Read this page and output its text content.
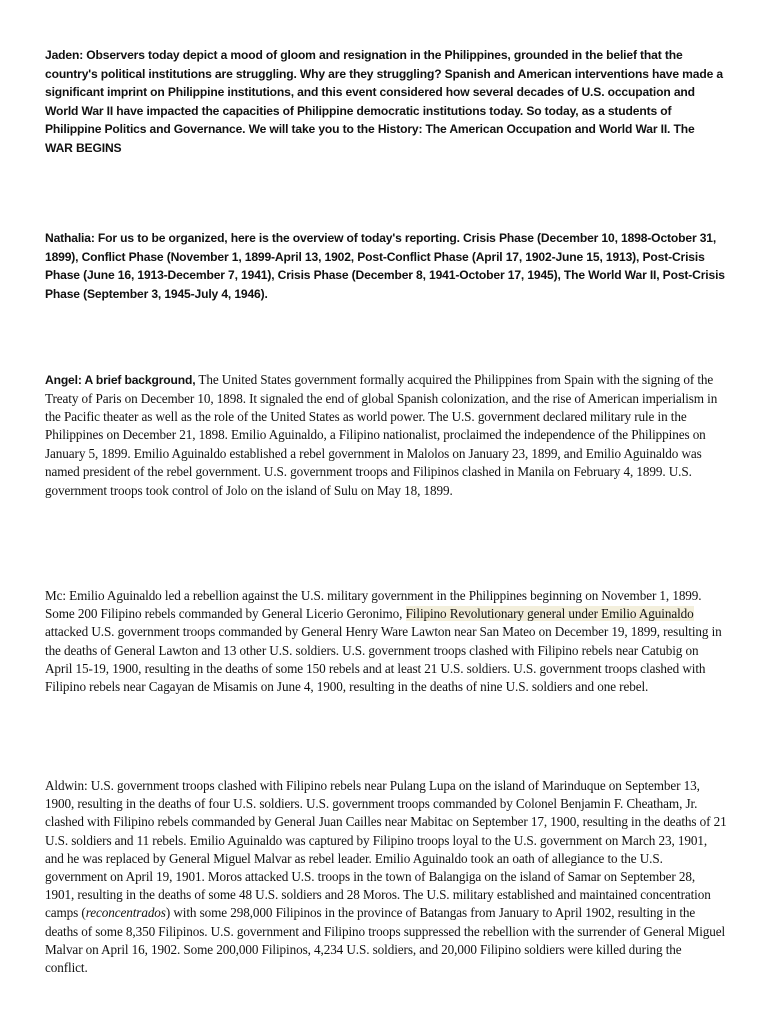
Jaden: Observers today depict a mood of gloom and resignation in the Philippines, grounded in the belief that the country's political institutions are struggling. Why are they struggling? Spanish and American interventions have made a significant imprint on Philippine institutions, and this event considered how several decades of U.S. occupation and World War II have impacted the capacities of Philippine democratic institutions today. So today, as a students of Philippine Politics and Governance. We will take you to the History: The American Occupation and World War II. The WAR BEGINS

Nathalia: For us to be organized, here is the overview of today's reporting. Crisis Phase (December 10, 1898-October 31, 1899), Conflict Phase (November 1, 1899-April 13, 1902, Post-Conflict Phase (April 17, 1902-June 15, 1913), Post-Crisis Phase (June 16, 1913-December 7, 1941), Crisis Phase (December 8, 1941-October 17, 1945), The World War II, Post-Crisis Phase (September 3, 1945-July 4, 1946).

Angel: A brief background, The United States government formally acquired the Philippines from Spain with the signing of the Treaty of Paris on December 10, 1898. It signaled the end of global Spanish colonization, and the rise of American imperialism in the Pacific theater as well as the role of the United States as world power. The U.S. government declared military rule in the Philippines on December 21, 1898. Emilio Aguinaldo, a Filipino nationalist, proclaimed the independence of the Philippines on January 5, 1899. Emilio Aguinaldo established a rebel government in Malolos on January 23, 1899, and Emilio Aguinaldo was named president of the rebel government. U.S. government troops and Filipinos clashed in Manila on February 4, 1899. U.S. government troops took control of Jolo on the island of Sulu on May 18, 1899.

Mc: Emilio Aguinaldo led a rebellion against the U.S. military government in the Philippines beginning on November 1, 1899. Some 200 Filipino rebels commanded by General Licerio Geronimo, Filipino Revolutionary general under Emilio Aguinaldo attacked U.S. government troops commanded by General Henry Ware Lawton near San Mateo on December 19, 1899, resulting in the deaths of General Lawton and 13 other U.S. soldiers. U.S. government troops clashed with Filipino rebels near Catubig on April 15-19, 1900, resulting in the deaths of some 150 rebels and at least 21 U.S. soldiers. U.S. government troops clashed with Filipino rebels near Cagayan de Misamis on June 4, 1900, resulting in the deaths of nine U.S. soldiers and one rebel.

Aldwin: U.S. government troops clashed with Filipino rebels near Pulang Lupa on the island of Marinduque on September 13, 1900, resulting in the deaths of four U.S. soldiers. U.S. government troops commanded by Colonel Benjamin F. Cheatham, Jr. clashed with Filipino rebels commanded by General Juan Cailles near Mabitac on September 17, 1900, resulting in the deaths of 21 U.S. soldiers and 11 rebels. Emilio Aguinaldo was captured by Filipino troops loyal to the U.S. government on March 23, 1901, and he was replaced by General Miguel Malvar as rebel leader. Emilio Aguinaldo took an oath of allegiance to the U.S. government on April 19, 1901. Moros attacked U.S. troops in the town of Balangiga on the island of Samar on September 28, 1901, resulting in the deaths of some 48 U.S. soldiers and 28 Moros. The U.S. military established and maintained concentration camps (reconcentrados) with some 298,000 Filipinos in the province of Batangas from January to April 1902, resulting in the deaths of some 8,350 Filipinos. U.S. government and Filipino troops suppressed the rebellion with the surrender of General Miguel Malvar on April 16, 1902. Some 200,000 Filipinos, 4,234 U.S. soldiers, and 20,000 Filipino soldiers were killed during the conflict.
